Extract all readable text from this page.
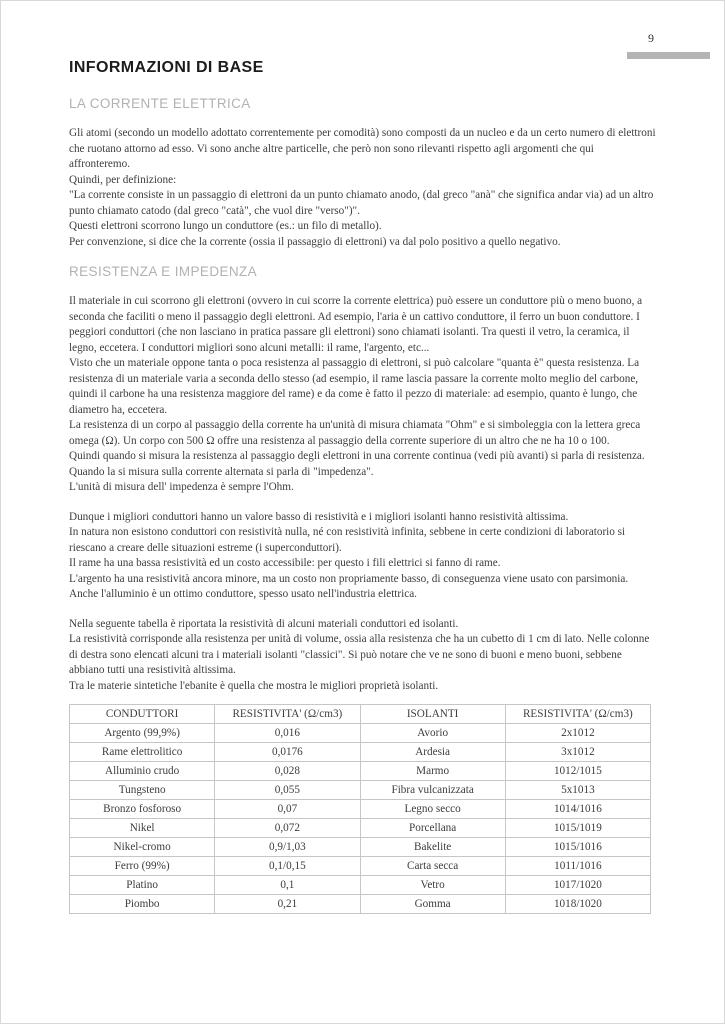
9
INFORMAZIONI DI BASE
LA CORRENTE ELETTRICA

Gli atomi (secondo un modello adottato correntemente per comodità) sono composti da un nucleo e da un certo numero di elettroni che ruotano attorno ad esso. Vi sono anche altre particelle, che però non sono rilevanti rispetto agli argomenti che qui affronteremo.

Quindi, per definizione:

"La corrente consiste in un passaggio di elettroni da un punto chiamato anodo, (dal greco "anà" che significa andar via) ad un altro punto chiamato catodo (dal greco "catà", che vuol dire "verso")".

Questi elettroni scorrono lungo un conduttore (es.: un filo di metallo).

Per convenzione, si dice che la corrente (ossia il passaggio di elettroni) va dal polo positivo a quello negativo.

RESISTENZA E IMPEDENZA

Il materiale in cui scorrono gli elettroni (ovvero in cui scorre la corrente elettrica) può essere un conduttore più o meno buono, a seconda che faciliti o meno il passaggio degli elettroni. Ad esempio, l'aria è un cattivo conduttore, il ferro un buon conduttore. I peggiori conduttori (che non lasciano in pratica passare gli elettroni) sono chiamati isolanti. Tra questi il vetro, la ceramica, il legno, eccetera. I conduttori migliori sono alcuni metalli: il rame, l'argento, etc...

Visto che un materiale oppone tanta o poca resistenza al passaggio di elettroni, si può calcolare "quanta è" questa resistenza. La resistenza di un materiale varia a seconda dello stesso (ad esempio, il rame lascia passare la corrente molto meglio del carbone, quindi il carbone ha una resistenza maggiore del rame) e da come è fatto il pezzo di materiale: ad esempio, quanto è lungo, che diametro ha, eccetera.

La resistenza di un corpo al passaggio della corrente ha un'unità di misura chiamata "Ohm" e si simboleggia con la lettera greca omega (Ω). Un corpo con 500 Ω offre una resistenza al passaggio della corrente superiore di un altro che ne ha 10 o 100.

Quindi quando si misura la resistenza al passaggio degli elettroni in una corrente continua (vedi più avanti) si parla di resistenza. Quando la si misura sulla corrente alternata si parla di "impedenza".

L'unità di misura dell' impedenza è sempre l'Ohm.

Dunque i migliori conduttori hanno un valore basso di resistività e i migliori isolanti hanno resistività altissima.

In natura non esistono conduttori con resistività nulla, né con resistività infinita, sebbene in certe condizioni di laboratorio si riescano a creare delle situazioni estreme (i superconduttori).

Il rame ha una bassa resistività ed un costo accessibile: per questo i fili elettrici si fanno di rame.

L'argento ha una resistività ancora minore, ma un costo non propriamente basso, di conseguenza viene usato con parsimonia. Anche l'alluminio è un ottimo conduttore, spesso usato nell'industria elettrica.

Nella seguente tabella è riportata la resistività di alcuni materiali conduttori ed isolanti.

La resistività corrisponde alla resistenza per unità di volume, ossia alla resistenza che ha un cubetto di 1 cm di lato. Nelle colonne di destra sono elencati alcuni tra i materiali isolanti "classici". Si può notare che ve ne sono di buoni e meno buoni, sebbene abbiano tutti una resistività altissima.

Tra le materie sintetiche l'ebanite è quella che mostra le migliori proprietà isolanti.

CONDUTTORI	RESISTIVITA' (Ω/cm3)	ISOLANTI	RESISTIVITA' (Ω/cm3)
Argento (99,9%)	0,016	Avorio	2x1012
Rame elettrolitico	0,0176	Ardesia	3x1012
Alluminio crudo	0,028	Marmo	1012/1015
Tungsteno	0,055	Fibra vulcanizzata	5x1013
Bronzo fosforoso	0,07	Legno secco	1014/1016
Nikel	0,072	Porcellana	1015/1019
Nikel-cromo	0,9/1,03	Bakelite	1015/1016
Ferro (99%)	0,1/0,15	Carta secca	1011/1016
Platino	0,1	Vetro	1017/1020
Piombo	0,21	Gomma	1018/1020
